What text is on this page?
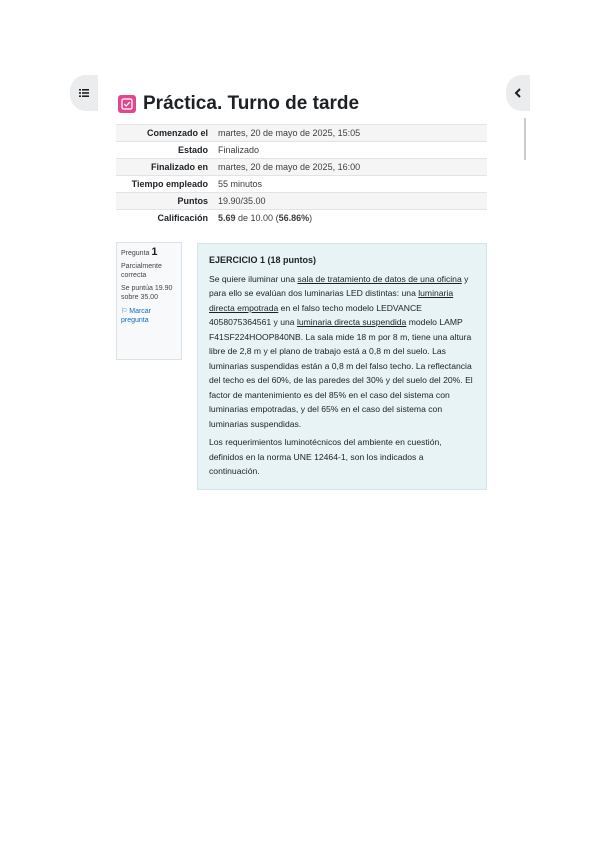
Práctica. Turno de tarde
Comenzado el	martes, 20 de mayo de 2025, 15:05
Estado	Finalizado
Finalizado en	martes, 20 de mayo de 2025, 16:00
Tiempo empleado	55 minutos
Puntos	19.90/35.00
Calificación	5.69 de 10.00 (56.86%)
Pregunta 1

Parcialmente correcta

Se puntúa 19.90 sobre 35.00

⚐ Marcar pregunta

EJERCICIO 1 (18 puntos)

Se quiere iluminar una sala de tratamiento de datos de una oficina y para ello se evalúan dos luminarias LED distintas: una luminaria directa empotrada en el falso techo modelo LEDVANCE 4058075364561 y una luminaria directa suspendida modelo LAMP F41SF224HOOP840NB. La sala mide 18 m por 8 m, tiene una altura libre de 2,8 m y el plano de trabajo está a 0,8 m del suelo. Las luminarias suspendidas están a 0,8 m del falso techo. La reflectancia del techo es del 60%, de las paredes del 30% y del suelo del 20%. El factor de mantenimiento es del 85% en el caso del sistema con luminarias empotradas, y del 65% en el caso del sistema con luminarias suspendidas.

Los requerimientos luminotécnicos del ambiente en cuestión, definidos en la norma UNE 12464-1, son los indicados a continuación.
